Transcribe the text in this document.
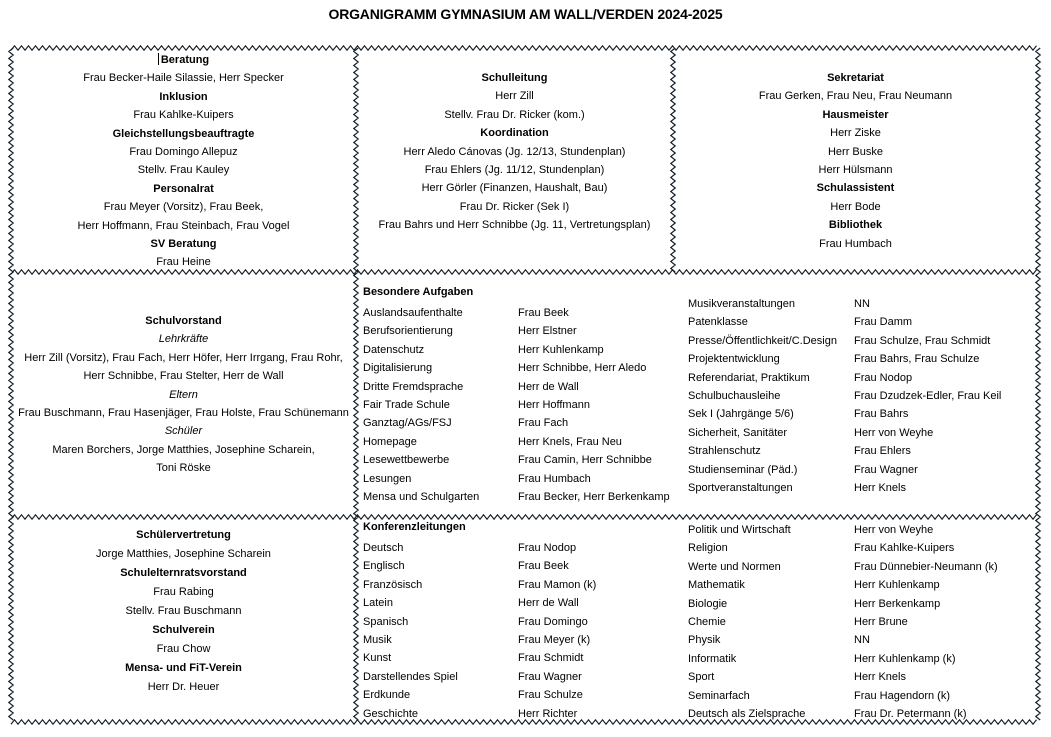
ORGANIGRAMM GYMNASIUM AM WALL/VERDEN 2024-2025
Beratung
Frau Becker-Haile Silassie, Herr Specker
Inklusion
Frau Kahlke-Kuipers
Gleichstellungsbeauftragte
Frau Domingo Allepuz
Stellv. Frau Kauley
Personalrat
Frau Meyer (Vorsitz), Frau Beek,
Herr Hoffmann, Frau Steinbach, Frau Vogel
SV Beratung
Frau Heine
Schulleitung
Herr Zill
Stellv. Frau Dr. Ricker (kom.)
Koordination
Herr Aledo Cánovas (Jg. 12/13, Stundenplan)
Frau Ehlers (Jg. 11/12, Stundenplan)
Herr Görler (Finanzen, Haushalt, Bau)
Frau Dr. Ricker (Sek I)
Frau Bahrs und Herr Schnibbe (Jg. 11, Vertretungsplan)
Sekretariat
Frau Gerken, Frau Neu, Frau Neumann
Hausmeister
Herr Ziske
Herr Buske
Herr Hülsmann
Schulassistent
Herr Bode
Bibliothek
Frau Humbach
Schulvorstand
Lehrkräfte
Herr Zill (Vorsitz), Frau Fach, Herr Höfer, Herr Irrgang, Frau Rohr,
Herr Schnibbe, Frau Stelter, Herr de Wall
Eltern
Frau Buschmann, Frau Hasenjäger, Frau Holste, Frau Schünemann
Schüler
Maren Borchers, Jorge Matthies, Josephine Scharein,
Toni Röske
Besondere Aufgaben
Auslandsaufenthalte	Frau Beek
Berufsorientierung	Herr Elstner
Datenschutz	Herr Kuhlenkamp
Digitalisierung	Herr Schnibbe, Herr Aledo
Dritte Fremdsprache	Herr de Wall
Fair Trade Schule	Herr Hoffmann
Ganztag/AGs/FSJ	Frau Fach
Homepage	Herr Knels, Frau Neu
Lesewettbewerbe	Frau Camin, Herr Schnibbe
Lesungen	Frau Humbach
Mensa und Schulgarten	Frau Becker, Herr Berkenkamp
Musikveranstaltungen	NN
Patenklasse	Frau Damm
Presse/Öffentlichkeit/C.Design	Frau Schulze, Frau Schmidt
Projektentwicklung	Frau Bahrs, Frau Schulze
Referendariat, Praktikum	Frau Nodop
Schulbuchausleihe	Frau Dzudzek-Edler, Frau Keil
Sek I (Jahrgänge 5/6)	Frau Bahrs
Sicherheit, Sanitäter	Herr von Weyhe
Strahlenschutz	Frau Ehlers
Studienseminar (Päd.)	Frau Wagner
Sportveranstaltungen	Herr Knels
Schülervertretung
Jorge Matthies, Josephine Scharein
Schulelternratsvorstand
Frau Rabing
Stellv. Frau Buschmann
Schulverein
Frau Chow
Mensa- und FiT-Verein
Herr Dr. Heuer
Konferenzleitungen
Deutsch	Frau Nodop
Englisch	Frau Beek
Französisch	Frau Mamon (k)
Latein	Herr de Wall
Spanisch	Frau Domingo
Musik	Frau Meyer (k)
Kunst	Frau Schmidt
Darstellendes Spiel	Frau Wagner
Erdkunde	Frau Schulze
Geschichte	Herr Richter
Politik und Wirtschaft	Herr von Weyhe
Religion	Frau Kahlke-Kuipers
Werte und Normen	Frau Dünnebier-Neumann (k)
Mathematik	Herr Kuhlenkamp
Biologie	Herr Berkenkamp
Chemie	Herr Brune
Physik	NN
Informatik	Herr Kuhlenkamp (k)
Sport	Herr Knels
Seminarfach	Frau Hagendorn (k)
Deutsch als Zielsprache	Frau Dr. Petermann (k)
